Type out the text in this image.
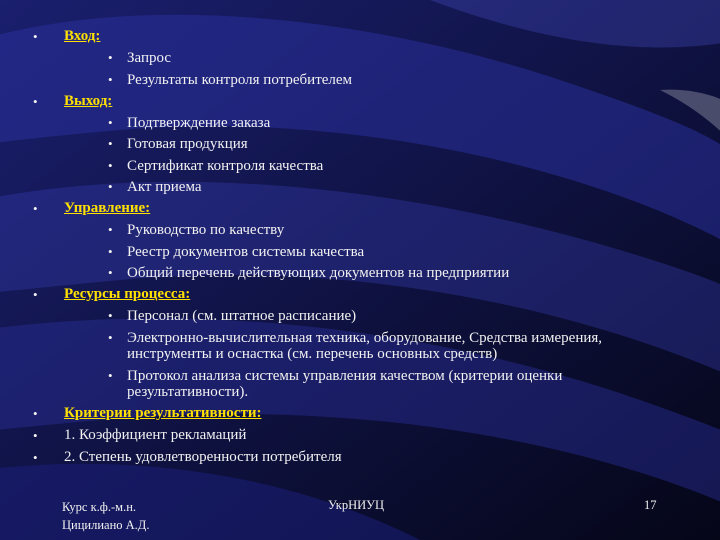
• Вход:
• Запрос
• Результаты контроля потребителем
• Выход:
• Подтверждение заказа
• Готовая продукция
• Сертификат контроля качества
• Акт приема
• Управление:
• Руководство по качеству
• Реестр документов системы качества
• Общий перечень действующих документов на предприятии
• Ресурсы процесса:
• Персонал (см. штатное расписание)
• Электронно-вычислительная техника, оборудование, Средства измерения, инструменты и оснастка (см. перечень основных средств)
• Протокол анализа системы управления качеством (критерии оценки результативности).
• Критерии результативности:
• 1. Коэффициент рекламаций
• 2. Степень удовлетворенности потребителя
Курс к.ф.-м.н.
Цицилиано А.Д.
УкрНИУЦ	17
